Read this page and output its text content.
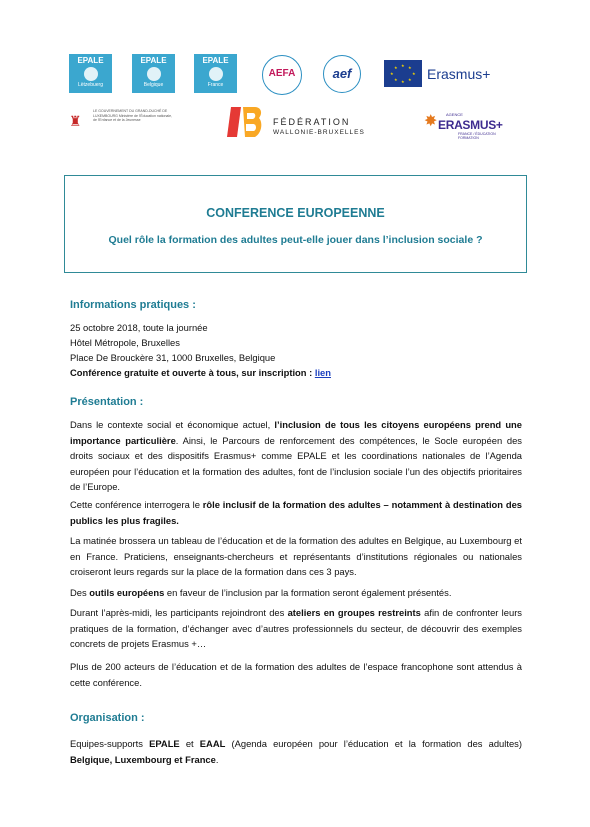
EPALE
Lëtzebuerg
EPALE
Belgique
EPALE
France
AEFA	aef
★ ★
★
★
★
★
★
★ Erasmus+
♜
LE GOUVERNEMENT DU GRAND-DUCHÉ DE LUXEMBOURG Ministère de l'Éducation nationale, de l'Enfance et de la Jeunesse	FÉDÉRATION
WALLONIE-BRUXELLES
✸ AGENCE
ERASMUS+
FRANCE / ÉDUCATION FORMATION
CONFERENCE EUROPEENNE
Quel rôle la formation des adultes peut-elle jouer dans l’inclusion sociale ?
Informations pratiques :
25 octobre 2018, toute la journée
Hôtel Métropole, Bruxelles
Place De Brouckère 31, 1000 Bruxelles, Belgique
Conférence gratuite et ouverte à tous, sur inscription : lien
Présentation :
Dans le contexte social et économique actuel, l’inclusion de tous les citoyens européens prend une importance particulière. Ainsi, le Parcours de renforcement des compétences, le Socle européen des droits sociaux et des dispositifs Erasmus+ comme EPALE et les coordinations nationales de l’Agenda européen pour l’éducation et la formation des adultes, font de l’inclusion sociale l’un des objectifs prioritaires de l’Europe.
Cette conférence interrogera le rôle inclusif de la formation des adultes – notamment à destination des publics les plus fragiles.
La matinée brossera un tableau de l’éducation et de la formation des adultes en Belgique, au Luxembourg et en France. Praticiens, enseignants-chercheurs et représentants d’institutions régionales ou nationales croiseront leurs regards sur la place de la formation dans ces 3 pays.
Des outils européens en faveur de l’inclusion par la formation seront également présentés.
Durant l’après-midi, les participants rejoindront des ateliers en groupes restreints afin de confronter leurs pratiques de la formation, d’échanger avec d’autres professionnels du secteur, de découvrir des exemples concrets de projets Erasmus +…
Plus de 200 acteurs de l’éducation et de la formation des adultes de l’espace francophone sont attendus à cette conférence.
Organisation :
Equipes-supports EPALE et EAAL (Agenda européen pour l’éducation et la formation des adultes) Belgique, Luxembourg et France.
